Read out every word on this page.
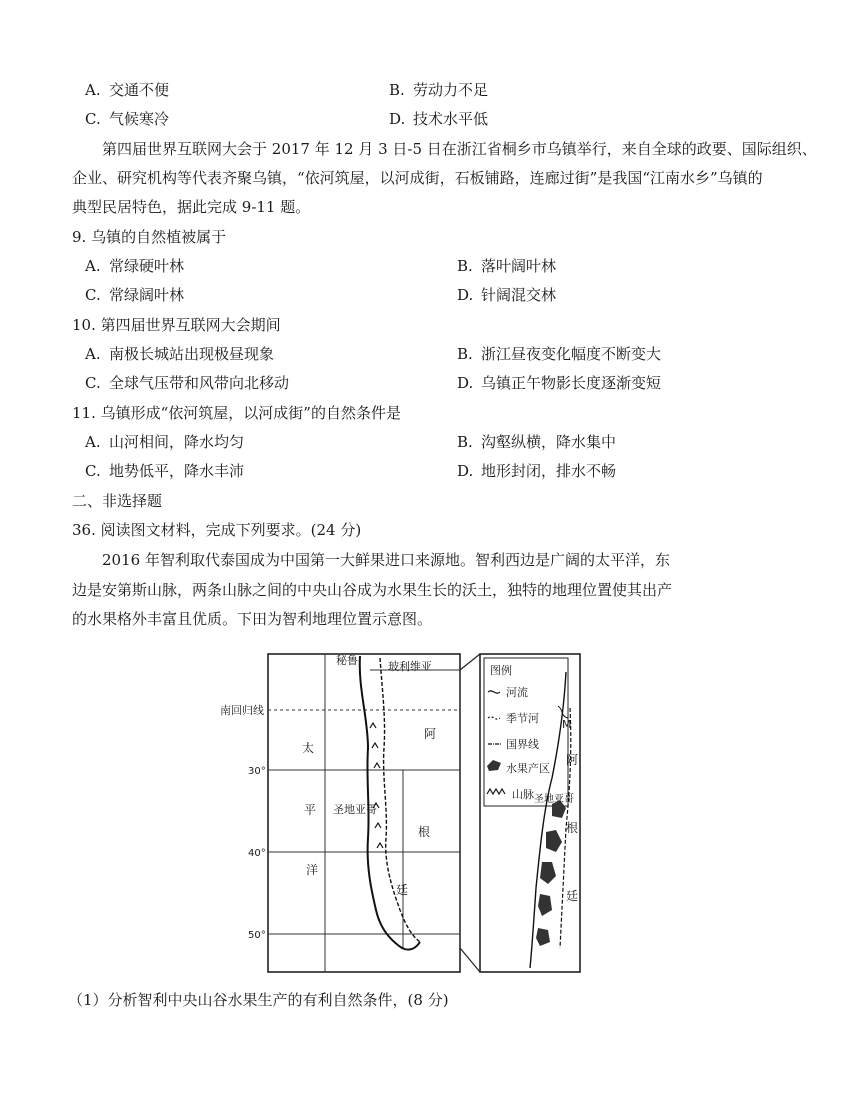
A. 交通不便	B. 劳动力不足
C. 气候寒冷	D. 技术水平低
第四届世界互联网大会于 2017 年 12 月 3 日-5 日在浙江省桐乡市乌镇举行，来自全球的政要、国际组织、
企业、研究机构等代表齐聚乌镇，“依河筑屋，以河成街，石板铺路，连廊过街”是我国“江南水乡”乌镇的
典型民居特色，据此完成 9-11 题。
9. 乌镇的自然植被属于
A. 常绿硬叶林	B. 落叶阔叶林
C. 常绿阔叶林	D. 针阔混交林
10. 第四届世界互联网大会期间
A. 南极长城站出现极昼现象	B. 浙江昼夜变化幅度不断变大
C. 全球气压带和风带向北移动	D. 乌镇正午物影长度逐渐变短
11. 乌镇形成“依河筑屋，以河成街”的自然条件是
A. 山河相间，降水均匀	B. 沟壑纵横，降水集中
C. 地势低平，降水丰沛	D. 地形封闭，排水不畅
二、非选择题
36. 阅读图文材料，完成下列要求。(24 分)
2016 年智利取代泰国成为中国第一大鲜果进口来源地。智利西边是广阔的太平洋，东
边是安第斯山脉，两条山脉之间的中央山谷成为水果生长的沃土，独特的地理位置使其出产
的水果格外丰富且优质。下田为智利地理位置示意图。
秘鲁	玻利维亚
南回归线
30°
40°
50°
太
平
洋
圣地亚哥
阿
根
廷
图例
河流
季节河
国界线
水果产区
山脉
M
圣地亚哥
阿
根
廷
（1）分析智利中央山谷水果生产的有利自然条件，(8 分)
